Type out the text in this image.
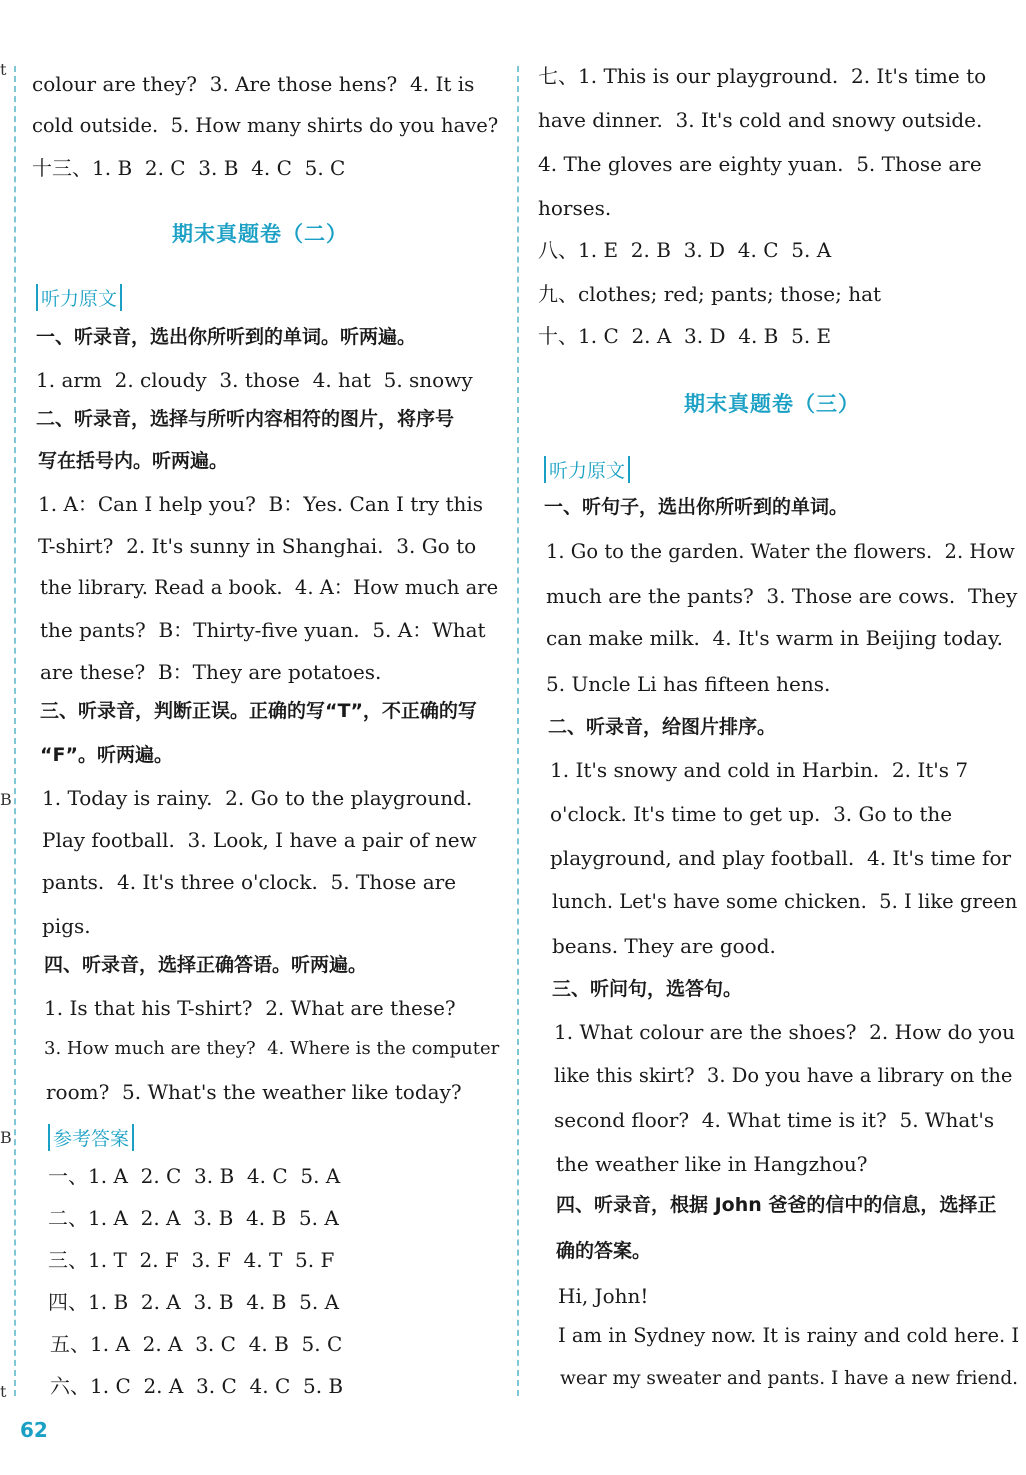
t
B
B
t
colour are they?  3. Are those hens?  4. It is
cold outside.  5. How many shirts do you have?
十三、1. B  2. C  3. B  4. C  5. C
期末真题卷（二）
听力原文
一、听录音，选出你所听到的单词。听两遍。
1. arm  2. cloudy  3. those  4. hat  5. snowy
二、听录音，选择与所听内容相符的图片，将序号
写在括号内。听两遍。
1. A：Can I help you?  B：Yes. Can I try this
T-shirt?  2. It's sunny in Shanghai.  3. Go to
the library. Read a book.  4. A：How much are
the pants?  B：Thirty-five yuan.  5. A：What
are these?  B：They are potatoes.
三、听录音，判断正误。正确的写“T”，不正确的写
“F”。听两遍。
1. Today is rainy.  2. Go to the playground.
Play football.  3. Look, I have a pair of new
pants.  4. It's three o'clock.  5. Those are
pigs.
四、听录音，选择正确答语。听两遍。
1. Is that his T-shirt?  2. What are these?
3. How much are they?  4. Where is the computer
room?  5. What's the weather like today?
参考答案
一、1. A  2. C  3. B  4. C  5. A
二、1. A  2. A  3. B  4. B  5. A
三、1. T  2. F  3. F  4. T  5. F
四、1. B  2. A  3. B  4. B  5. A
五、1. A  2. A  3. C  4. B  5. C
六、1. C  2. A  3. C  4. C  5. B
七、1. This is our playground.  2. It's time to
have dinner.  3. It's cold and snowy outside.
4. The gloves are eighty yuan.  5. Those are
horses.
八、1. E  2. B  3. D  4. C  5. A
九、clothes; red; pants; those; hat
十、1. C  2. A  3. D  4. B  5. E
期末真题卷（三）
听力原文
一、听句子，选出你所听到的单词。
1. Go to the garden. Water the flowers.  2. How
much are the pants?  3. Those are cows.  They
can make milk.  4. It's warm in Beijing today.
5. Uncle Li has fifteen hens.
二、听录音，给图片排序。
1. It's snowy and cold in Harbin.  2. It's 7
o'clock. It's time to get up.  3. Go to the
playground, and play football.  4. It's time for
lunch. Let's have some chicken.  5. I like green
beans. They are good.
三、听问句，选答句。
1. What colour are the shoes?  2. How do you
like this skirt?  3. Do you have a library on the
second floor?  4. What time is it?  5. What's
the weather like in Hangzhou?
四、听录音，根据 John 爸爸的信中的信息，选择正
确的答案。
Hi, John!
I am in Sydney now. It is rainy and cold here. I
wear my sweater and pants. I have a new friend.
62
